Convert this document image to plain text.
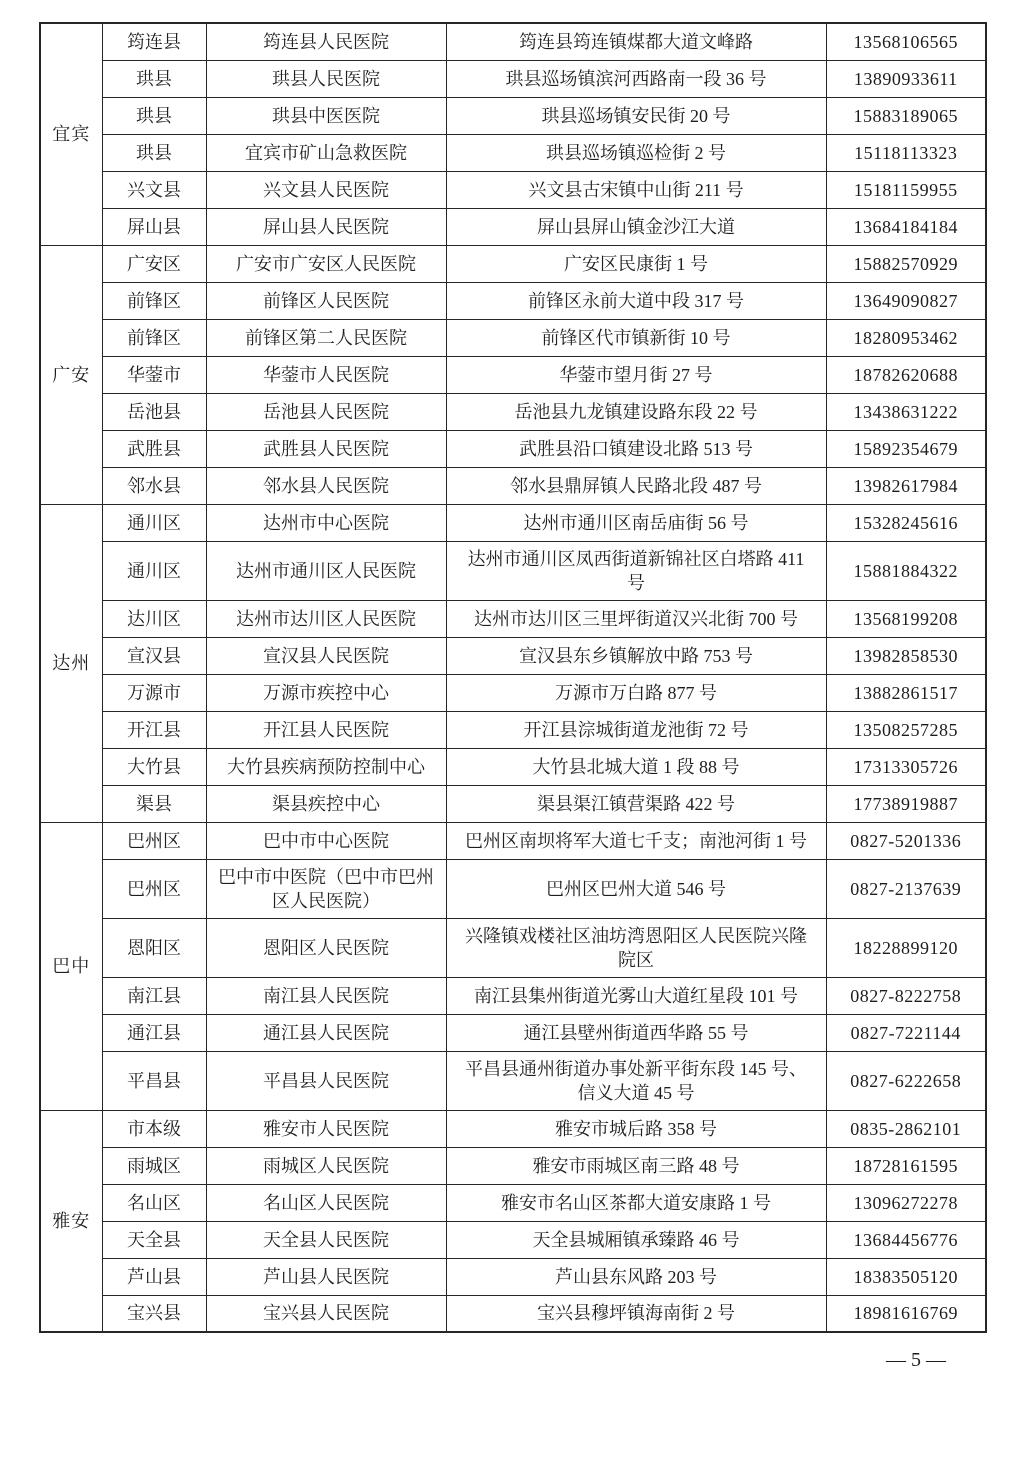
宜宾	筠连县	筠连县人民医院	筠连县筠连镇煤都大道文峰路	13568106565
	珙县	珙县人民医院	珙县巡场镇滨河西路南一段 36 号	13890933611
	珙县	珙县中医医院	珙县巡场镇安民街 20 号	15883189065
	珙县	宜宾市矿山急救医院	珙县巡场镇巡检街 2 号	15118113323
	兴文县	兴文县人民医院	兴文县古宋镇中山街 211 号	15181159955
	屏山县	屏山县人民医院	屏山县屏山镇金沙江大道	13684184184
广安	广安区	广安市广安区人民医院	广安区民康街 1 号	15882570929
	前锋区	前锋区人民医院	前锋区永前大道中段 317 号	13649090827
	前锋区	前锋区第二人民医院	前锋区代市镇新街 10 号	18280953462
	华蓥市	华蓥市人民医院	华蓥市望月街 27 号	18782620688
	岳池县	岳池县人民医院	岳池县九龙镇建设路东段 22 号	13438631222
	武胜县	武胜县人民医院	武胜县沿口镇建设北路 513 号	15892354679
	邻水县	邻水县人民医院	邻水县鼎屏镇人民路北段 487 号	13982617984
达州	通川区	达州市中心医院	达州市通川区南岳庙街 56 号	15328245616
	通川区	达州市通川区人民医院	达州市通川区凤西街道新锦社区白塔路 411 号	15881884322
	达川区	达州市达川区人民医院	达州市达川区三里坪街道汉兴北街 700 号	13568199208
	宣汉县	宣汉县人民医院	宣汉县东乡镇解放中路 753 号	13982858530
	万源市	万源市疾控中心	万源市万白路 877 号	13882861517
	开江县	开江县人民医院	开江县淙城街道龙池街 72 号	13508257285
	大竹县	大竹县疾病预防控制中心	大竹县北城大道 1 段 88 号	17313305726
	渠县	渠县疾控中心	渠县渠江镇营渠路 422 号	17738919887
巴中	巴州区	巴中市中心医院	巴州区南坝将军大道七千支；南池河街 1 号	0827-5201336
	巴州区	巴中市中医院（巴中市巴州区人民医院）	巴州区巴州大道 546 号	0827-2137639
	恩阳区	恩阳区人民医院	兴隆镇戏楼社区油坊湾恩阳区人民医院兴隆院区	18228899120
	南江县	南江县人民医院	南江县集州街道光雾山大道红星段 101 号	0827-8222758
	通江县	通江县人民医院	通江县壁州街道西华路 55 号	0827-7221144
	平昌县	平昌县人民医院	平昌县通州街道办事处新平街东段 145 号、信义大道 45 号	0827-6222658
雅安	市本级	雅安市人民医院	雅安市城后路 358 号	0835-2862101
	雨城区	雨城区人民医院	雅安市雨城区南三路 48 号	18728161595
	名山区	名山区人民医院	雅安市名山区茶都大道安康路 1 号	13096272278
	天全县	天全县人民医院	天全县城厢镇承臻路 46 号	13684456776
	芦山县	芦山县人民医院	芦山县东风路 203 号	18383505120
	宝兴县	宝兴县人民医院	宝兴县穆坪镇海南街 2 号	18981616769
— 5 —
